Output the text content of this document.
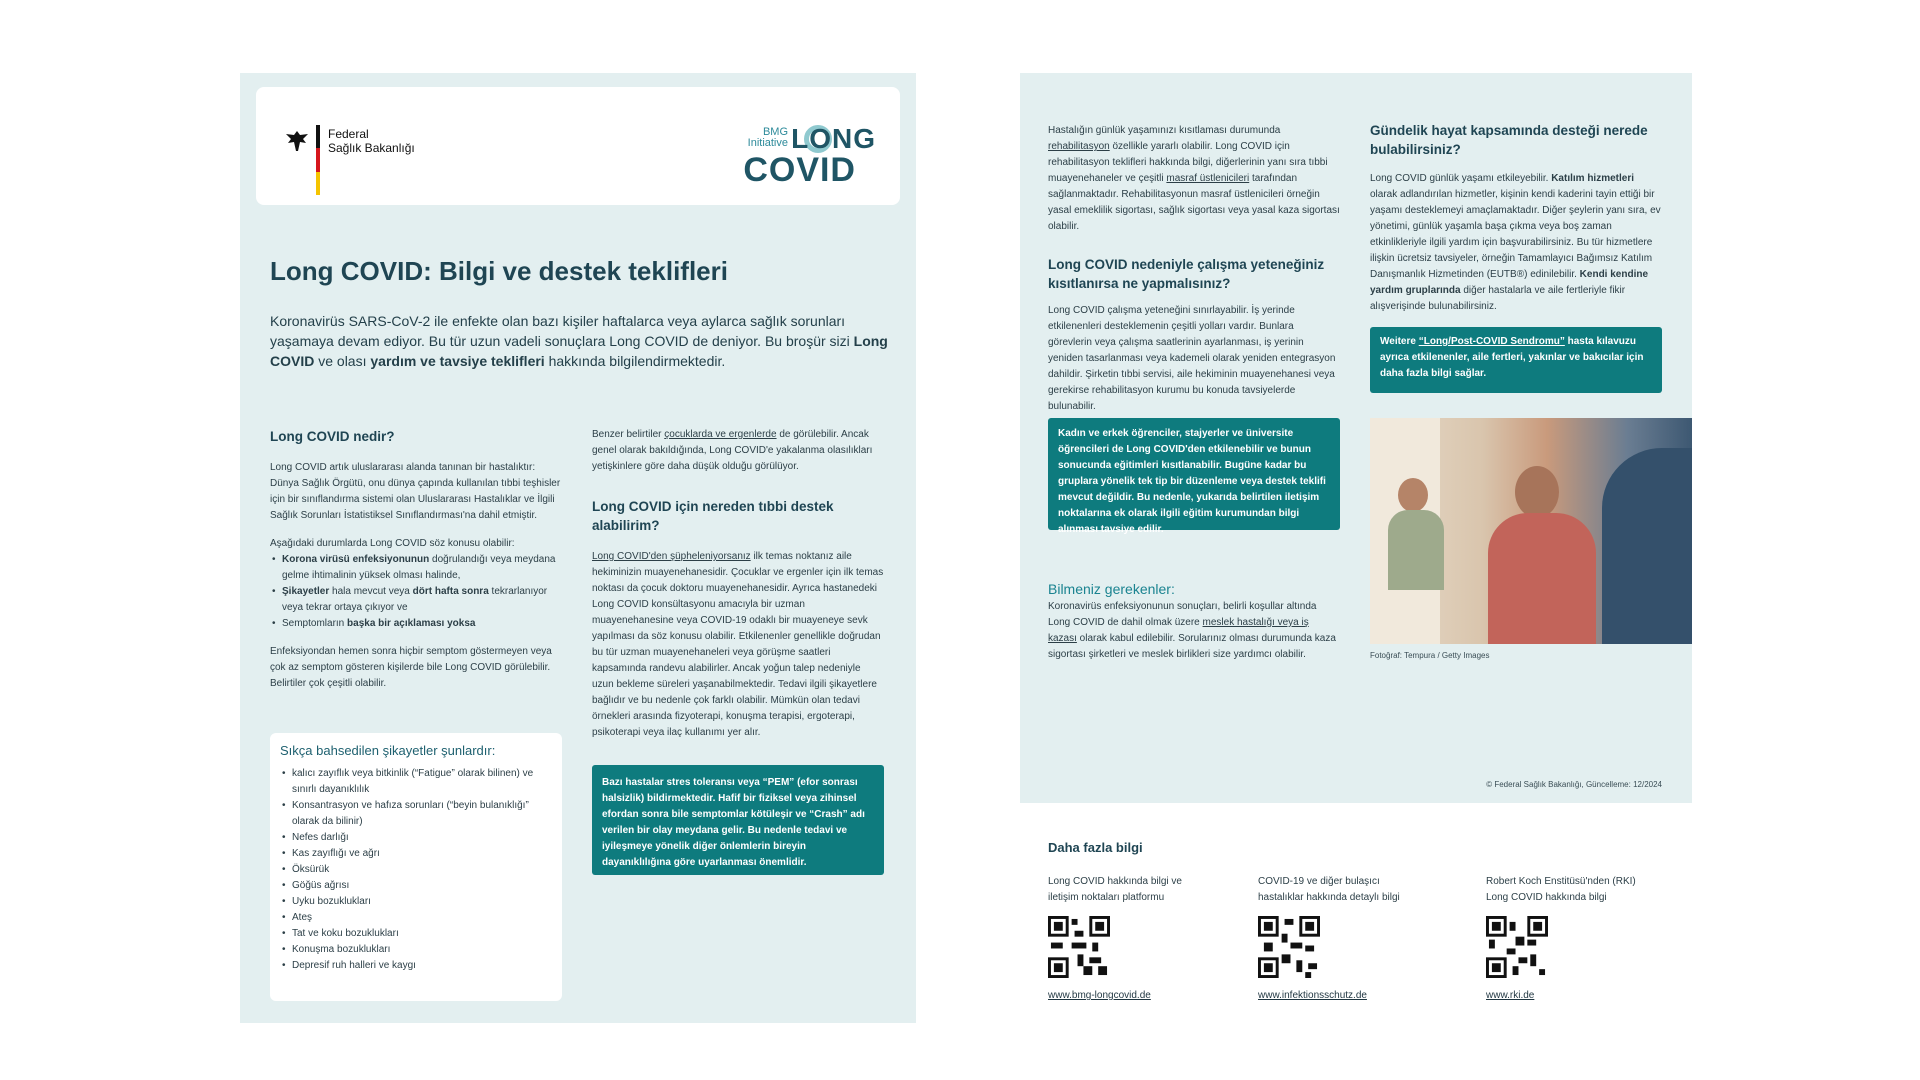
Federal
Sağlık Bakanlığı
BMG
Initiative LONG
COVID
Long COVID: Bilgi ve destek teklifleri

Koronavirüs SARS-CoV-2 ile enfekte olan bazı kişiler haftalarca veya aylarca sağlık sorunları yaşamaya devam ediyor. Bu tür uzun vadeli sonuçlara Long COVID de deniyor. Bu broşür sizi Long COVID ve olası yardım ve tavsiye teklifleri hakkında bilgilendirmektedir.

Long COVID nedir?

Long COVID artık uluslararası alanda tanınan bir hastalıktır: Dünya Sağlık Örgütü, onu dünya çapında kullanılan tıbbi teşhisler için bir sınıflandırma sistemi olan Uluslararası Hastalıklar ve İlgili Sağlık Sorunları İstatistiksel Sınıflandırması'na dahil etmiştir.

Aşağıdaki durumlarda Long COVID söz konusu olabilir:

• Korona virüsü enfeksiyonunun doğrulandığı veya meydana gelme ihtimalinin yüksek olması halinde,
• Şikayetler hala mevcut veya dört hafta sonra tekrarlanıyor veya tekrar ortaya çıkıyor ve
• Semptomların başka bir açıklaması yoksa

Enfeksiyondan hemen sonra hiçbir semptom göstermeyen veya çok az semptom gösteren kişilerde bile Long COVID görülebilir. Belirtiler çok çeşitli olabilir.

Sıkça bahsedilen şikayetler şunlardır:
• kalıcı zayıflık veya bitkinlik (“Fatigue” olarak bilinen) ve sınırlı dayanıklılık
• Konsantrasyon ve hafıza sorunları (“beyin bulanıklığı” olarak da bilinir)
• Nefes darlığı
• Kas zayıflığı ve ağrı
• Öksürük
• Göğüs ağrısı
• Uyku bozuklukları
• Ateş
• Tat ve koku bozuklukları
• Konuşma bozuklukları
• Depresif ruh halleri ve kaygı

Benzer belirtiler çocuklarda ve ergenlerde de görülebilir. Ancak genel olarak bakıldığında, Long COVID'e yakalanma olasılıkları yetişkinlere göre daha düşük olduğu görülüyor.

Long COVID için nereden tıbbi destek alabilirim?

Long COVID'den şüpheleniyorsanız ilk temas noktanız aile hekiminizin muayenehanesidir. Çocuklar ve ergenler için ilk temas noktası da çocuk doktoru muayenehanesidir. Ayrıca hastanedeki Long COVID konsültasyonu amacıyla bir uzman muayenehanesine veya COVID-19 odaklı bir muayeneye sevk yapılması da söz konusu olabilir. Etkilenenler genellikle doğrudan bu tür uzman muayenehaneleri veya görüşme saatleri kapsamında randevu alabilirler. Ancak yoğun talep nedeniyle uzun bekleme süreleri yaşanabilmektedir. Tedavi ilgili şikayetlere bağlıdır ve bu nedenle çok farklı olabilir. Mümkün olan tedavi örnekleri arasında fizyoterapi, konuşma terapisi, ergoterapi, psikoterapi veya ilaç kullanımı yer alır.

Bazı hastalar stres toleransı veya “PEM” (efor sonrası halsizlik) bildirmektedir. Hafif bir fiziksel veya zihinsel efordan sonra bile semptomlar kötüleşir ve “Crash” adı verilen bir olay meydana gelir. Bu nedenle tedavi ve iyileşmeye yönelik diğer önlemlerin bireyin dayanıklılığına göre uyarlanması önemlidir.

Hastalığın günlük yaşamınızı kısıtlaması durumunda rehabilitasyon özellikle yararlı olabilir. Long COVID için rehabilitasyon teklifleri hakkında bilgi, diğerlerinin yanı sıra tıbbi muayenehaneler ve çeşitli masraf üstlenicileri tarafından sağlanmaktadır. Rehabilitasyonun masraf üstlenicileri örneğin yasal emeklilik sigortası, sağlık sigortası veya yasal kaza sigortası olabilir.

Long COVID nedeniyle çalışma yeteneğiniz kısıtlanırsa ne yapmalısınız?

Long COVID çalışma yeteneğini sınırlayabilir. İş yerinde etkilenenleri desteklemenin çeşitli yolları vardır. Bunlara görevlerin veya çalışma saatlerinin ayarlanması, iş yerinin yeniden tasarlanması veya kademeli olarak yeniden entegrasyon dahildir. Şirketin tıbbi servisi, aile hekiminin muayenehanesi veya gerekirse rehabilitasyon kurumu bu konuda tavsiyelerde bulunabilir.

Kadın ve erkek öğrenciler, stajyerler ve üniversite öğrencileri de Long COVID'den etkilenebilir ve bunun sonucunda eğitimleri kısıtlanabilir. Bugüne kadar bu gruplara yönelik tek tip bir düzenleme veya destek teklifi mevcut değildir. Bu nedenle, yukarıda belirtilen iletişim noktalarına ek olarak ilgili eğitim kurumundan bilgi alınması tavsiye edilir.
Bilmeniz gerekenler:

Koronavirüs enfeksiyonunun sonuçları, belirli koşullar altında Long COVID de dahil olmak üzere meslek hastalığı veya iş kazası olarak kabul edilebilir. Sorularınız olması durumunda kaza sigortası şirketleri ve meslek birlikleri size yardımcı olabilir.

Gündelik hayat kapsamında desteği nerede bulabilirsiniz?

Long COVID günlük yaşamı etkileyebilir. Katılım hizmetleri olarak adlandırılan hizmetler, kişinin kendi kaderini tayin ettiği bir yaşamı desteklemeyi amaçlamaktadır. Diğer şeylerin yanı sıra, ev yönetimi, günlük yaşamla başa çıkma veya boş zaman etkinlikleriyle ilgili yardım için başvurabilirsiniz. Bu tür hizmetlere ilişkin ücretsiz tavsiyeler, örneğin Tamamlayıcı Bağımsız Katılım Danışmanlık Hizmetinden (EUTB®) edinilebilir. Kendi kendine yardım gruplarında diğer hastalarla ve aile fertleriyle fikir alışverişinde bulunabilirsiniz.

Weitere “Long/Post-COVID Sendromu” hasta kılavuzu ayrıca etkilenenler, aile fertleri, yakınlar ve bakıcılar için daha fazla bilgi sağlar.
Fotoğraf: Tempura / Getty Images
© Federal Sağlık Bakanlığı, Güncelleme: 12/2024
Daha fazla bilgi
Long COVID hakkında bilgi ve iletişim noktaları platformu
www.bmg-longcovid.de
COVID-19 ve diğer bulaşıcı hastalıklar hakkında detaylı bilgi
www.infektionsschutz.de
Robert Koch Enstitüsü'nden (RKI) Long COVID hakkında bilgi
www.rki.de
